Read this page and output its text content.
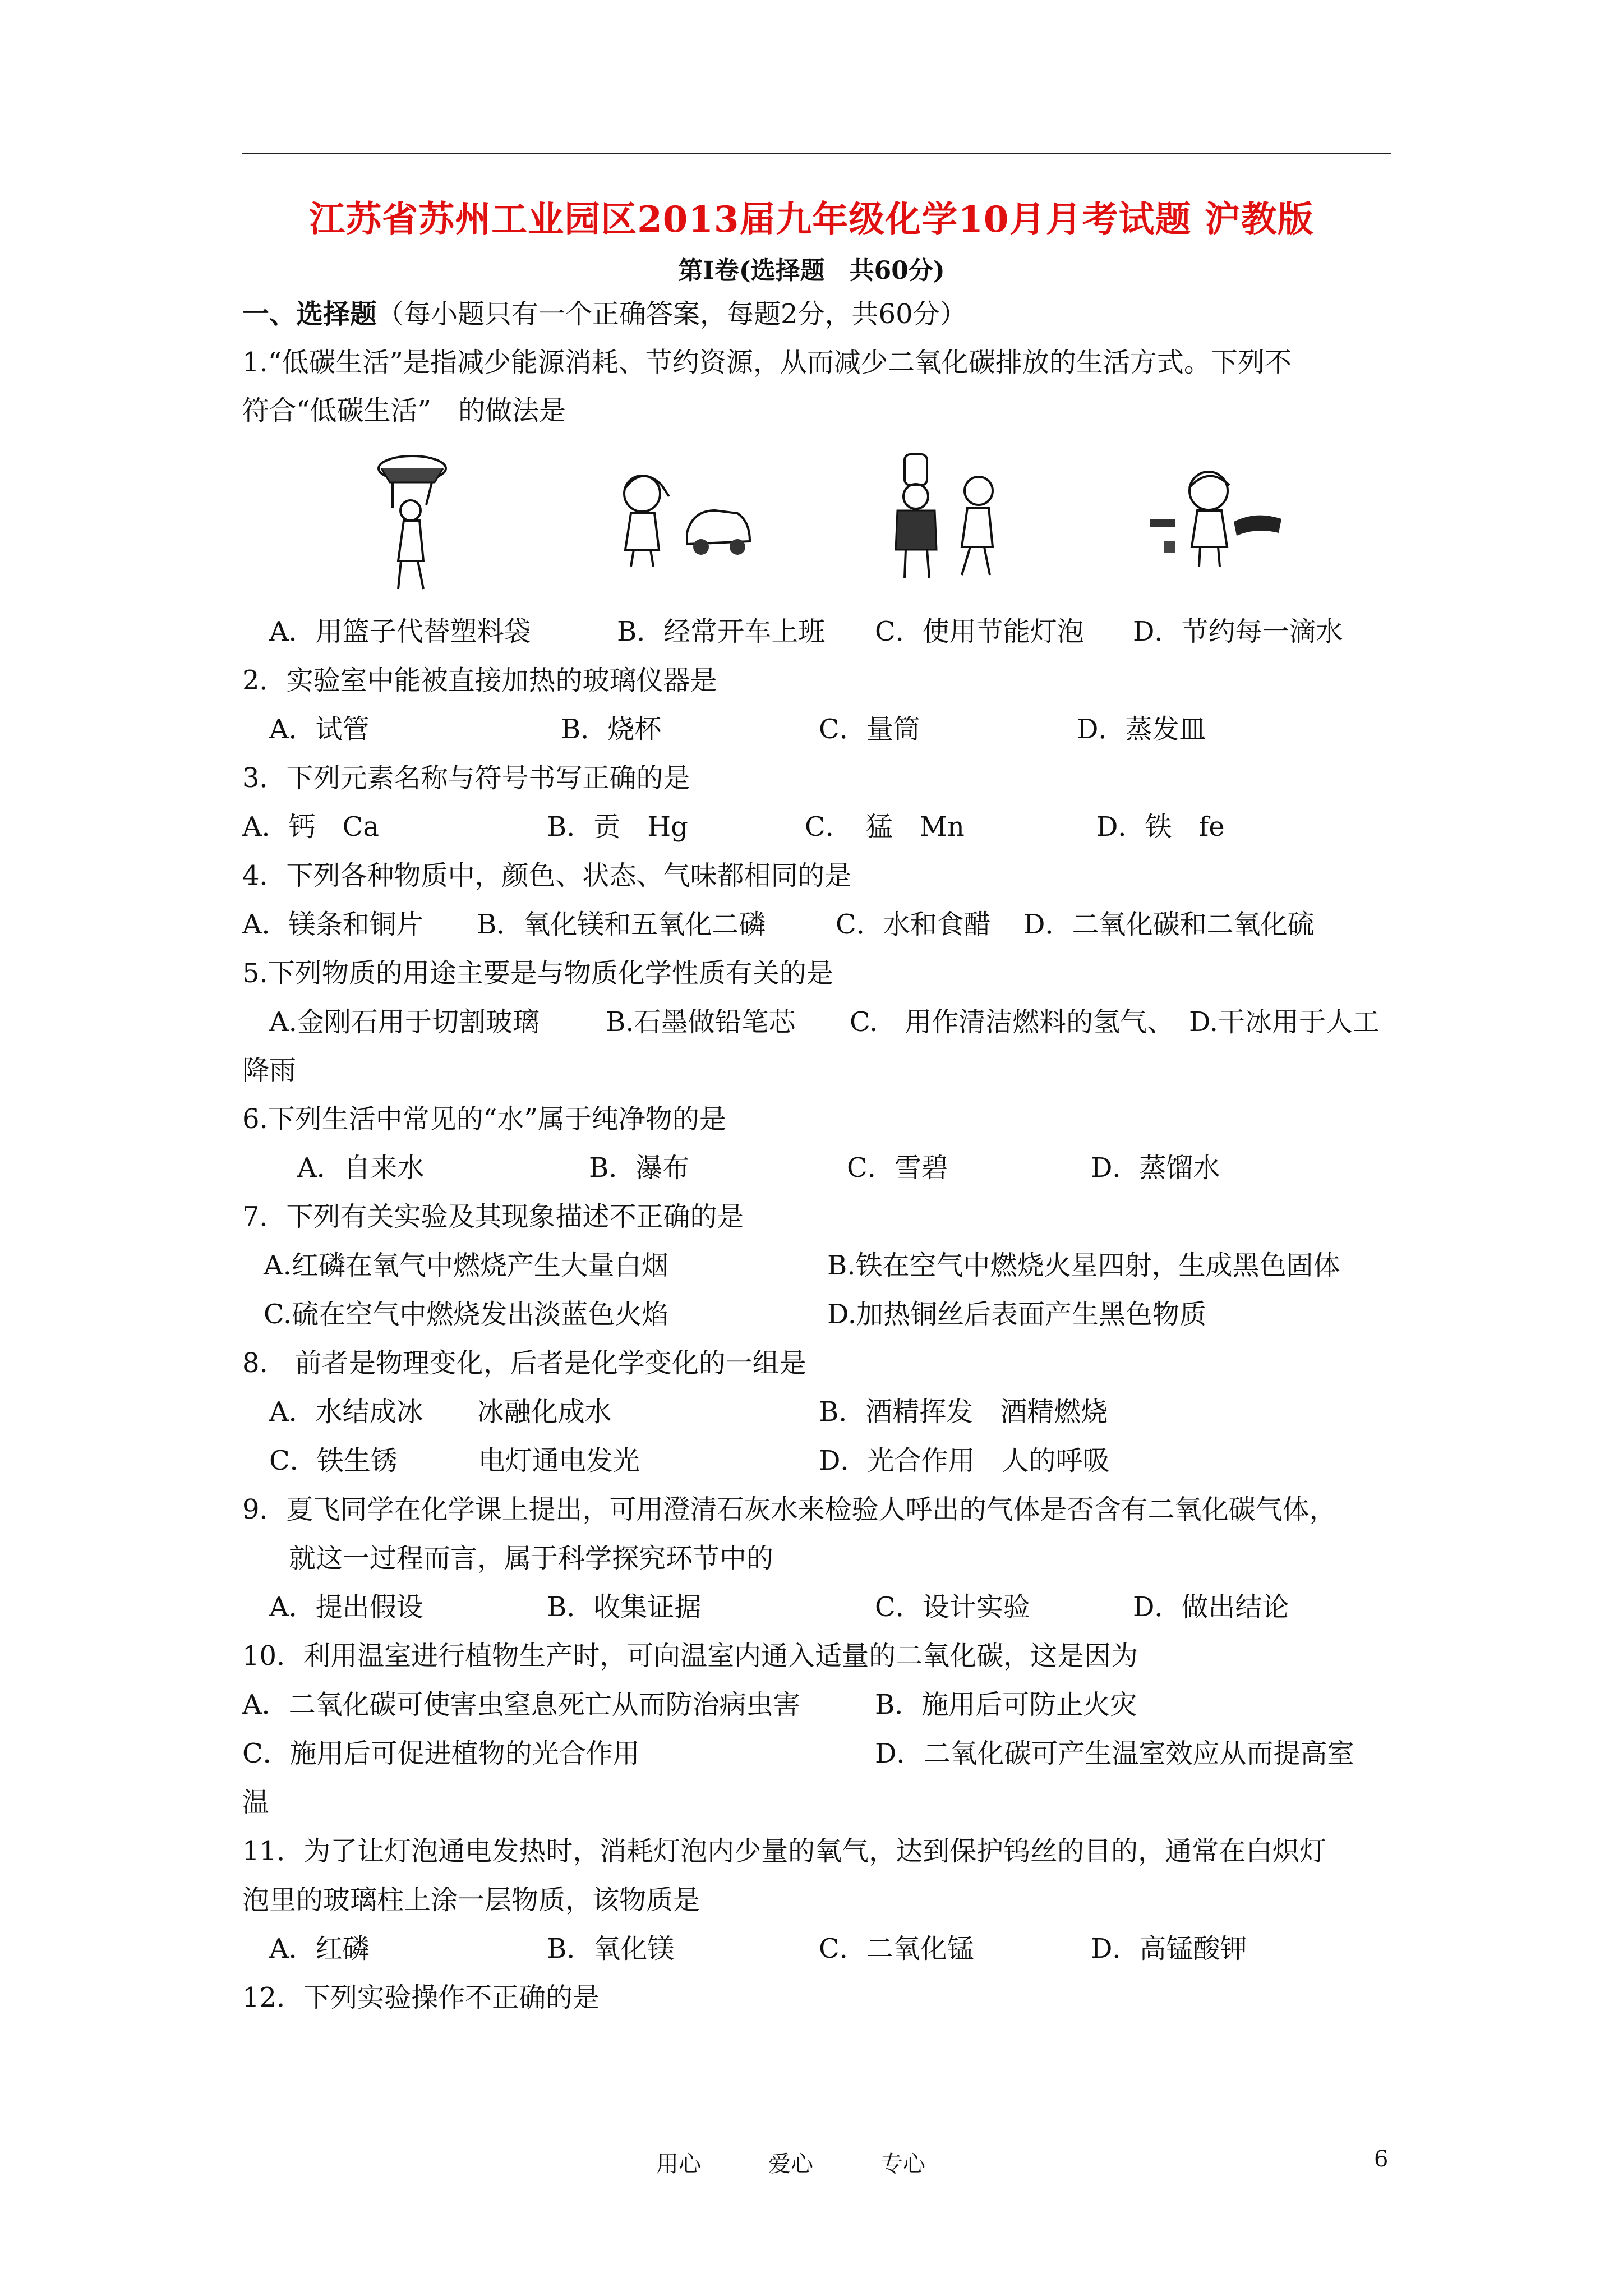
江苏省苏州工业园区2013届九年级化学10月月考试题 沪教版
第Ⅰ卷(选择题　共60分)
一、选择题（每小题只有一个正确答案，每题2分，共60分）
1.“低碳生活”是指减少能源消耗、节约资源，从而减少二氧化碳排放的生活方式。下列不
符合“低碳生活”　的做法是
A．用篮子代替塑料袋	B．经常开车上班 C．使用节能灯泡 D．节约每一滴水
2．实验室中能被直接加热的玻璃仪器是
A．试管	B．烧杯	C．量筒	D．蒸发皿
3．下列元素名称与符号书写正确的是
A．钙　Ca	B．贡　Hg	C．　猛　Mn	D．铁　fe
4．下列各种物质中，颜色、状态、气味都相同的是
A．镁条和铜片 B．氧化镁和五氧化二磷	C．水和食醋 D．二氧化碳和二氧化硫
5.下列物质的用途主要是与物质化学性质有关的是
A.金刚石用于切割玻璃 B.石墨做铅笔芯 C.　用作清洁燃料的氢气、 D.干冰用于人工
降雨
6.下列生活中常见的“水”属于纯净物的是
A．自来水	B．瀑布	C．雪碧	D．蒸馏水
7．下列有关实验及其现象描述不正确的是
A.红磷在氧气中燃烧产生大量白烟	B.铁在空气中燃烧火星四射，生成黑色固体
C.硫在空气中燃烧发出淡蓝色火焰	D.加热铜丝后表面产生黑色物质
8.　前者是物理变化，后者是化学变化的一组是
A．水结成冰　　冰融化成水	B．酒精挥发　酒精燃烧
C．铁生锈　　　电灯通电发光	D．光合作用　人的呼吸
9．夏飞同学在化学课上提出，可用澄清石灰水来检验人呼出的气体是否含有二氧化碳气体，
就这一过程而言，属于科学探究环节中的
A．提出假设	B．收集证据	C．设计实验	D．做出结论
10．利用温室进行植物生产时，可向温室内通入适量的二氧化碳，这是因为
A．二氧化碳可使害虫窒息死亡从而防治病虫害	B．施用后可防止火灾
C．施用后可促进植物的光合作用	D．二氧化碳可产生温室效应从而提高室
温
11．为了让灯泡通电发热时，消耗灯泡内少量的氧气，达到保护钨丝的目的，通常在白炽灯
泡里的玻璃柱上涂一层物质，该物质是
A．红磷	B．氧化镁	C．二氧化锰	D．高锰酸钾
12．下列实验操作不正确的是
用心	爱心	专心	6
